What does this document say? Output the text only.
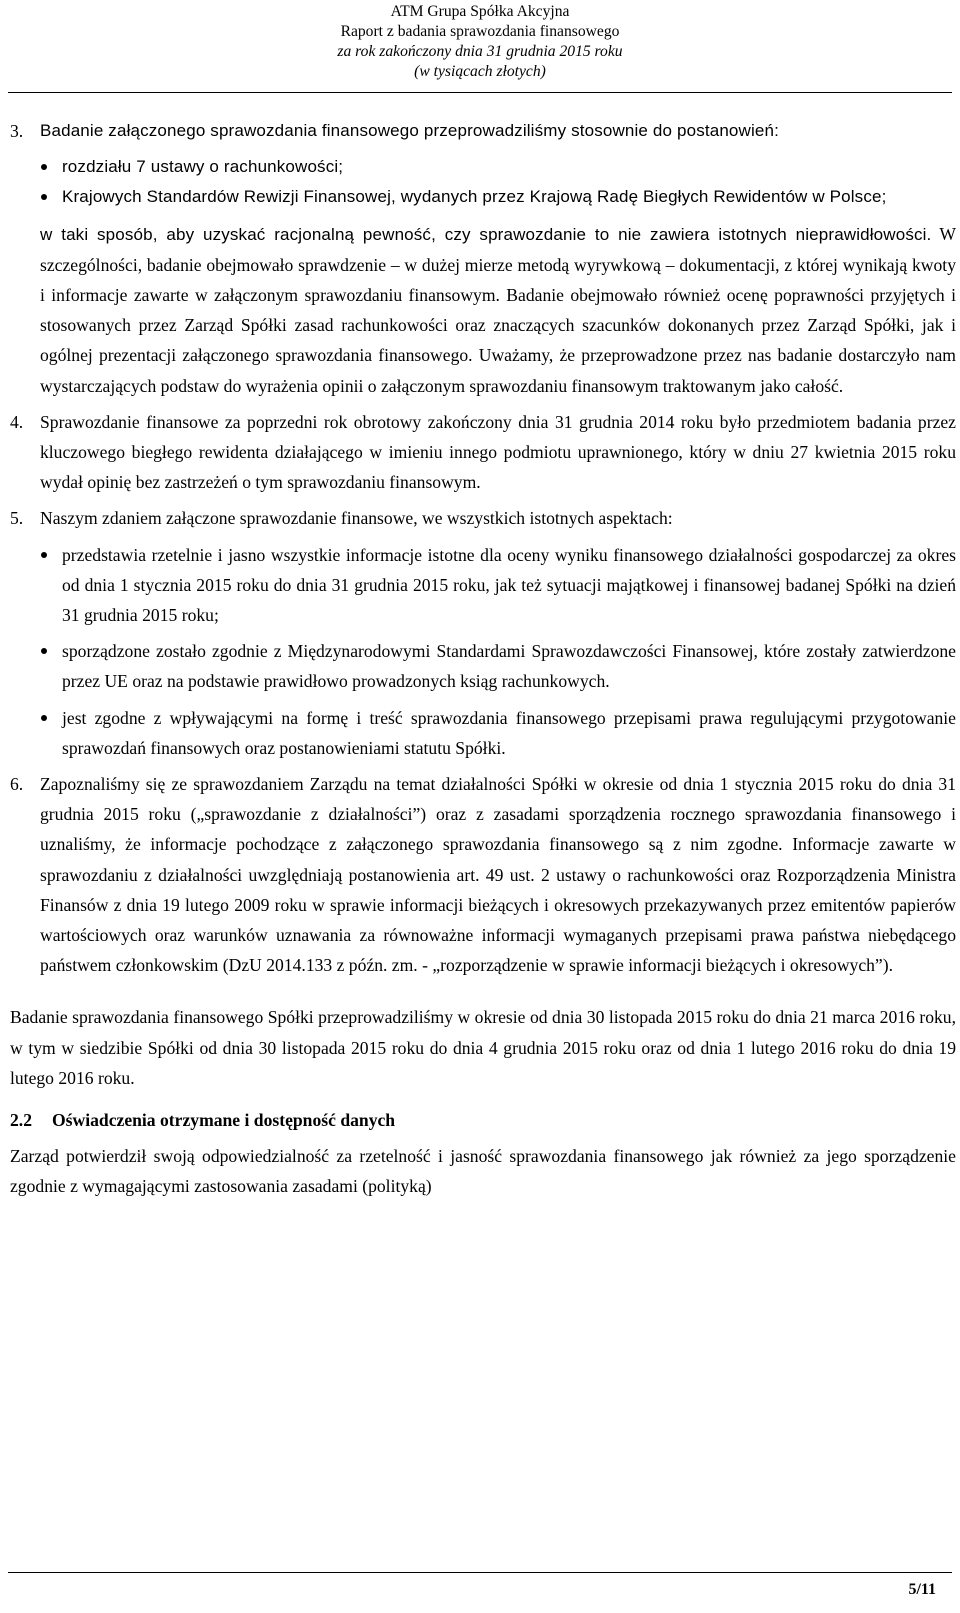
ATM Grupa Spółka Akcyjna
Raport z badania sprawozdania finansowego
za rok zakończony dnia 31 grudnia 2015 roku
(w tysiącach złotych)
3. Badanie załączonego sprawozdania finansowego przeprowadziliśmy stosownie do postanowień:

rozdziału 7 ustawy o rachunkowości;
Krajowych Standardów Rewizji Finansowej, wydanych przez Krajową Radę Biegłych Rewidentów w Polsce;

w taki sposób, aby uzyskać racjonalną pewność, czy sprawozdanie to nie zawiera istotnych nieprawidłowości. W szczególności, badanie obejmowało sprawdzenie – w dużej mierze metodą wyrywkową – dokumentacji, z której wynikają kwoty i informacje zawarte w załączonym sprawozdaniu finansowym. Badanie obejmowało również ocenę poprawności przyjętych i stosowanych przez Zarząd Spółki zasad rachunkowości oraz znaczących szacunków dokonanych przez Zarząd Spółki, jak i ogólnej prezentacji załączonego sprawozdania finansowego. Uważamy, że przeprowadzone przez nas badanie dostarczyło nam wystarczających podstaw do wyrażenia opinii o załączonym sprawozdaniu finansowym traktowanym jako całość.

4. Sprawozdanie finansowe za poprzedni rok obrotowy zakończony dnia 31 grudnia 2014 roku było przedmiotem badania przez kluczowego biegłego rewidenta działającego w imieniu innego podmiotu uprawnionego, który w dniu 27 kwietnia 2015 roku wydał opinię bez zastrzeżeń o tym sprawozdaniu finansowym.

5. Naszym zdaniem załączone sprawozdanie finansowe, we wszystkich istotnych aspektach:

przedstawia rzetelnie i jasno wszystkie informacje istotne dla oceny wyniku finansowego działalności gospodarczej za okres od dnia 1 stycznia 2015 roku do dnia 31 grudnia 2015 roku, jak też sytuacji majątkowej i finansowej badanej Spółki na dzień 31 grudnia 2015 roku;
sporządzone zostało zgodnie z Międzynarodowymi Standardami Sprawozdawczości Finansowej, które zostały zatwierdzone przez UE oraz na podstawie prawidłowo prowadzonych ksiąg rachunkowych.
jest zgodne z wpływającymi na formę i treść sprawozdania finansowego przepisami prawa regulującymi przygotowanie sprawozdań finansowych oraz postanowieniami statutu Spółki.
6. Zapoznaliśmy się ze sprawozdaniem Zarządu na temat działalności Spółki w okresie od dnia 1 stycznia 2015 roku do dnia 31 grudnia 2015 roku („sprawozdanie z działalności”) oraz z zasadami sporządzenia rocznego sprawozdania finansowego i uznaliśmy, że informacje pochodzące z załączonego sprawozdania finansowego są z nim zgodne. Informacje zawarte w sprawozdaniu z działalności uwzględniają postanowienia art. 49 ust. 2 ustawy o rachunkowości oraz Rozporządzenia Ministra Finansów z dnia 19 lutego 2009 roku w sprawie informacji bieżących i okresowych przekazywanych przez emitentów papierów wartościowych oraz warunków uznawania za równoważne informacji wymaganych przepisami prawa państwa niebędącego państwem członkowskim (DzU 2014.133 z późn. zm. - „rozporządzenie w sprawie informacji bieżących i okresowych”).

Badanie sprawozdania finansowego Spółki przeprowadziliśmy w okresie od dnia 30 listopada 2015 roku do dnia 21 marca 2016 roku, w tym w siedzibie Spółki od dnia 30 listopada 2015 roku do dnia 4 grudnia 2015 roku oraz od dnia 1 lutego 2016 roku do dnia 19 lutego 2016 roku.

2.2	Oświadczenia otrzymane i dostępność danych

Zarząd potwierdził swoją odpowiedzialność za rzetelność i jasność sprawozdania finansowego jak również za jego sporządzenie zgodnie z wymagającymi zastosowania zasadami (polityką)

5/11
